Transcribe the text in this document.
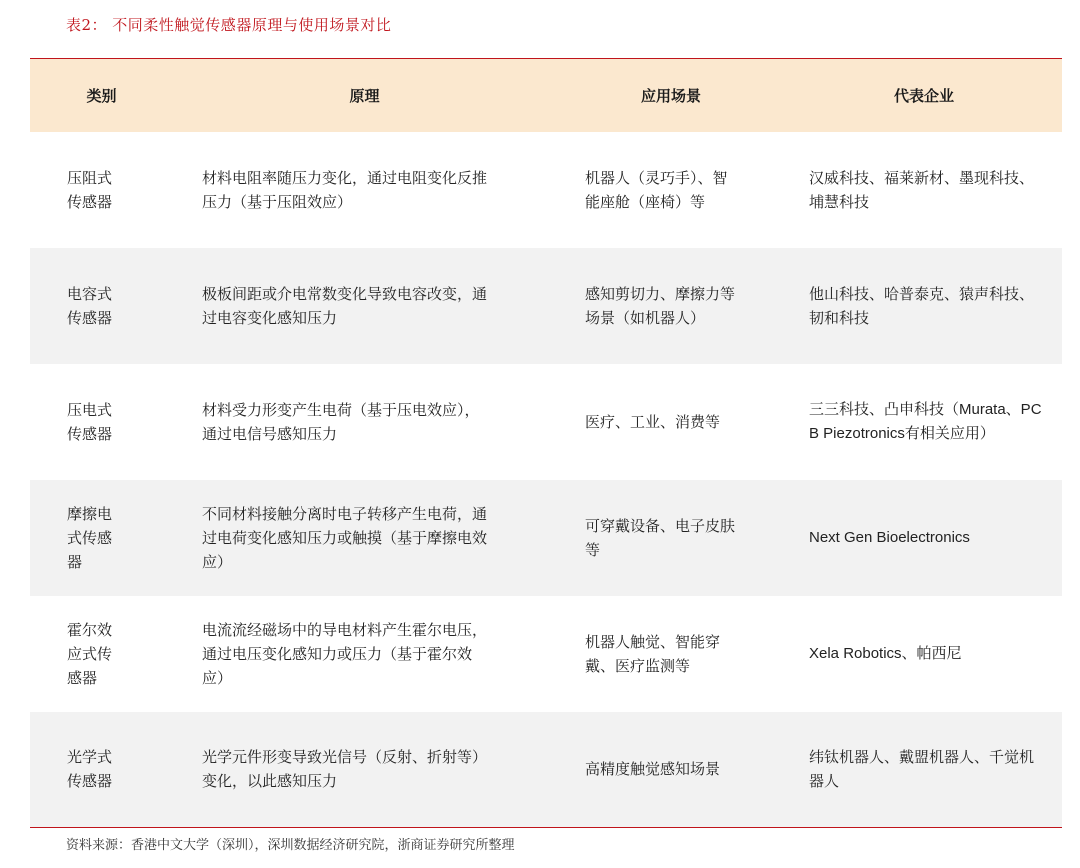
表2： 不同柔性触觉传感器原理与使用场景对比
类别	原理	应用场景	代表企业

压阻式传感器	材料电阻率随压力变化，通过电阻变化反推压力（基于压阻效应）	机器人（灵巧手）、智能座舱（座椅）等	汉威科技、福莱新材、墨现科技、埔慧科技

电容式传感器	极板间距或介电常数变化导致电容改变，通过电容变化感知压力	感知剪切力、摩擦力等场景（如机器人）	他山科技、哈普泰克、猿声科技、韧和科技

压电式传感器	材料受力形变产生电荷（基于压电效应），通过电信号感知压力	医疗、工业、消费等	三三科技、凸申科技（Murata、PCB Piezotronics有相关应用）

摩擦电式传感器	不同材料接触分离时电子转移产生电荷，通过电荷变化感知压力或触摸（基于摩擦电效应）	可穿戴设备、电子皮肤等	Next Gen Bioelectronics

霍尔效应式传感器	电流流经磁场中的导电材料产生霍尔电压，通过电压变化感知力或压力（基于霍尔效应）	机器人触觉、智能穿戴、医疗监测等	Xela Robotics、帕西尼

光学式传感器	光学元件形变导致光信号（反射、折射等）变化，以此感知压力	高精度触觉感知场景	纬钛机器人、戴盟机器人、千觉机器人
资料来源：香港中文大学（深圳），深圳数据经济研究院，浙商证券研究所整理
